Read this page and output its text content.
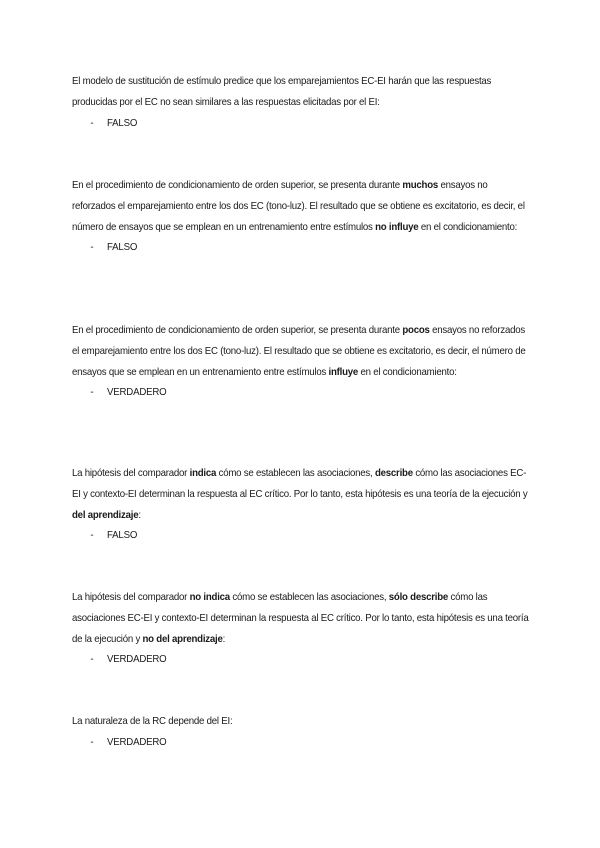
El modelo de sustitución de estímulo predice que los emparejamientos EC-EI harán que las respuestas producidas por el EC no sean similares a las respuestas elicitadas por el EI:

- FALSO

En el procedimiento de condicionamiento de orden superior, se presenta durante muchos ensayos no reforzados el emparejamiento entre los dos EC (tono-luz). El resultado que se obtiene es excitatorio, es decir, el número de ensayos que se emplean en un entrenamiento entre estímulos no influye en el condicionamiento:

- FALSO

En el procedimiento de condicionamiento de orden superior, se presenta durante pocos ensayos no reforzados el emparejamiento entre los dos EC (tono-luz). El resultado que se obtiene es excitatorio, es decir, el número de ensayos que se emplean en un entrenamiento entre estímulos influye en el condicionamiento:

- VERDADERO

La hipótesis del comparador indica cómo se establecen las asociaciones, describe cómo las asociaciones EC-EI y contexto-EI determinan la respuesta al EC crítico. Por lo tanto, esta hipótesis es una teoría de la ejecución y del aprendizaje:

- FALSO

La hipótesis del comparador no indica cómo se establecen las asociaciones, sólo describe cómo las asociaciones EC-EI y contexto-EI determinan la respuesta al EC crítico. Por lo tanto, esta hipótesis es una teoría de la ejecución y no del aprendizaje:

- VERDADERO

La naturaleza de la RC depende del EI:

- VERDADERO
